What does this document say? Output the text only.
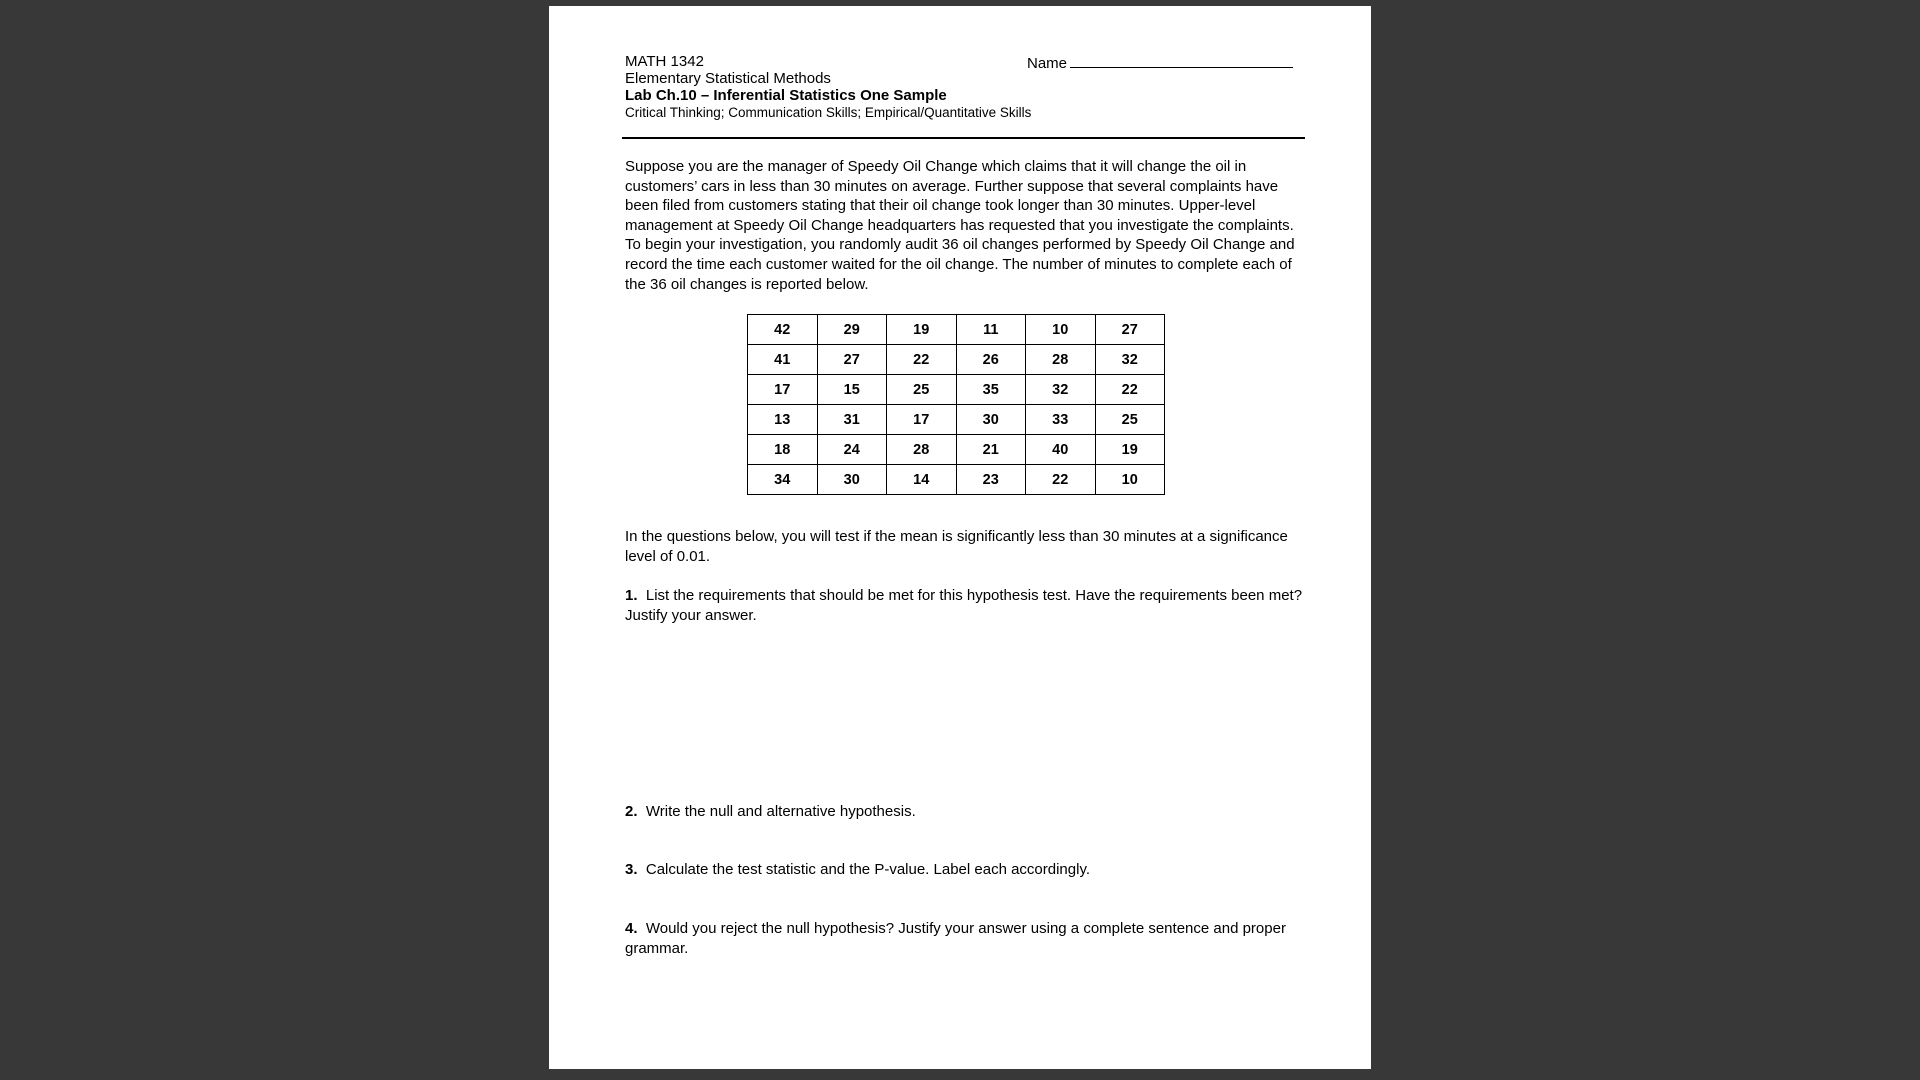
MATH 1342
Elementary Statistical Methods
Lab Ch.10 – Inferential Statistics One Sample
Critical Thinking; Communication Skills; Empirical/Quantitative Skills
Name
Suppose you are the manager of Speedy Oil Change which claims that it will change the oil in customers’ cars in less than 30 minutes on average. Further suppose that several complaints have been filed from customers stating that their oil change took longer than 30 minutes. Upper-level management at Speedy Oil Change headquarters has requested that you investigate the complaints. To begin your investigation, you randomly audit 36 oil changes performed by Speedy Oil Change and record the time each customer waited for the oil change. The number of minutes to complete each of the 36 oil changes is reported below.
42	29	19	11	10	27
41	27	22	26	28	32
17	15	25	35	32	22
13	31	17	30	33	25
18	24	28	21	40	19
34	30	14	23	22	10
In the questions below, you will test if the mean is significantly less than 30 minutes at a significance level of 0.01.
1. List the requirements that should be met for this hypothesis test. Have the requirements been met? Justify your answer.
2. Write the null and alternative hypothesis.
3. Calculate the test statistic and the P-value. Label each accordingly.
4. Would you reject the null hypothesis? Justify your answer using a complete sentence and proper grammar.
